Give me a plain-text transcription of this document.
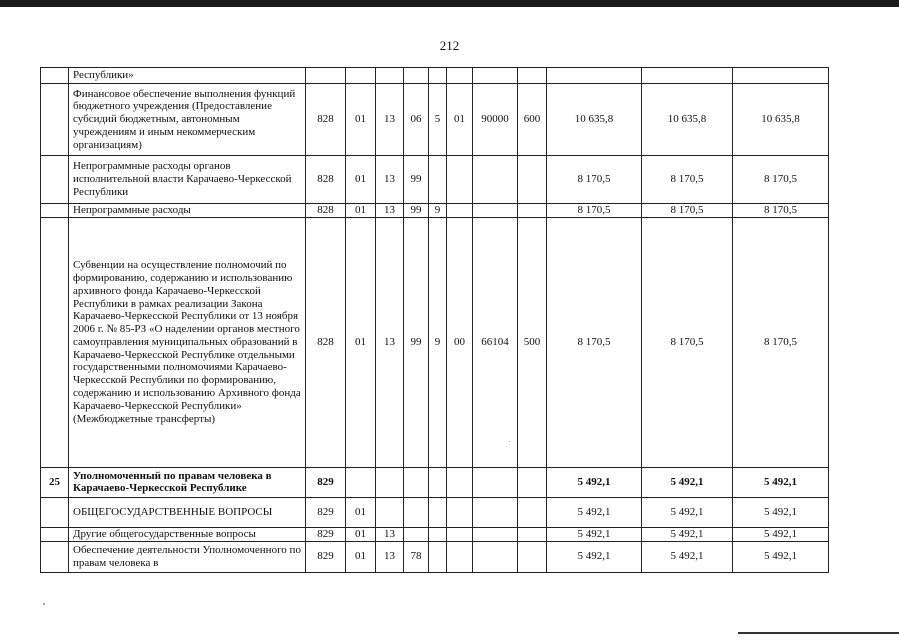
212
	Республики»											
	Финансовое обеспечение выполнения функций бюджетного учреждения (Предоставление субсидий бюджетным, автономным учреждениям и иным некоммерческим организациям)	828	01	13	06	5	01	90000	600	10 635,8	10 635,8	10 635,8
	Непрограммные расходы органов исполнительной власти Карачаево-Черкесской Республики	828	01	13	99					8 170,5	8 170,5	8 170,5
	Непрограммные расходы	828	01	13	99	9				8 170,5	8 170,5	8 170,5
	Субвенции на осуществление полномочий по формированию, содержанию и использованию архивного фонда Карачаево-Черкесской Республики в рамках реализации Закона Карачаево-Черкесской Республики от 13 ноября 2006 г. № 85-РЗ «О наделении органов местного самоуправления муниципальных образований в Карачаево-Черкесской Республике отдельными государственными полномочиями Карачаево-Черкесской Республики по формированию, содержанию и использованию Архивного фонда Карачаево-Черкесской Республики» (Межбюджетные трансферты)	828	01	13	99	9	00	66104	500	8 170,5	8 170,5	8 170,5
25	Уполномоченный по правам человека в Карачаево-Черкесской Республике	829								5 492,1	5 492,1	5 492,1
	ОБЩЕГОСУДАРСТВЕННЫЕ ВОПРОСЫ	829	01							5 492,1	5 492,1	5 492,1
	Другие общегосударственные вопросы	829	01	13						5 492,1	5 492,1	5 492,1
	Обеспечение деятельности Уполномоченного по правам человека в	829	01	13	78					5 492,1	5 492,1	5 492,1
